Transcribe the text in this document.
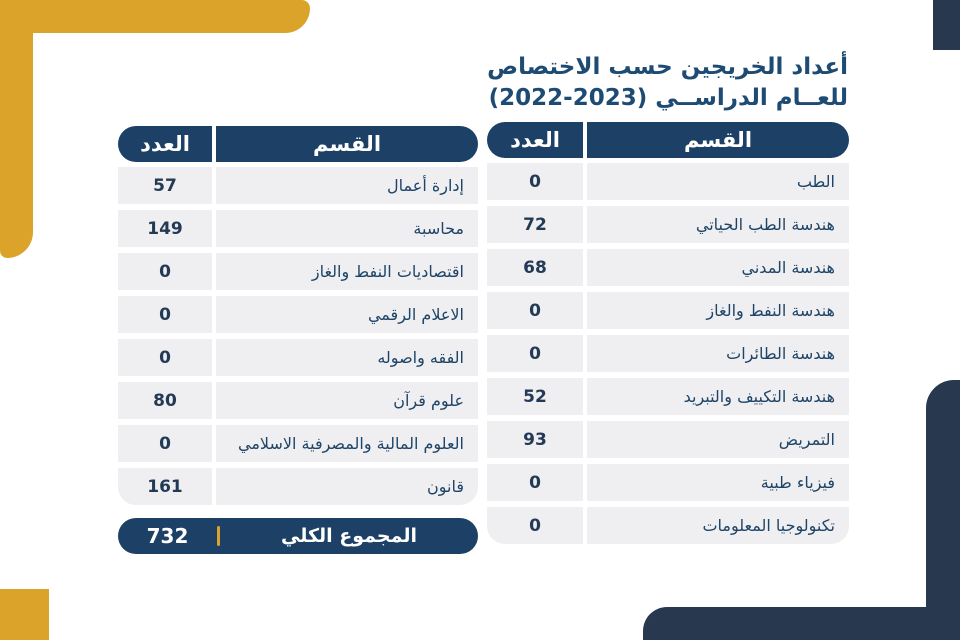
أعداد الخريجين حسب الاختصاص
للعــام الدراســي (2023-2022)
القسم
العدد
الطب
0
هندسة الطب الحياتي
72
هندسة المدني
68
هندسة النفط والغاز
0
هندسة الطائرات
0
هندسة التكييف والتبريد
52
التمريض
93
فيزياء طبية
0
تكنولوجيا المعلومات
0
القسم
العدد
إدارة أعمال
57
محاسبة
149
اقتصاديات النفط والغاز
0
الاعلام الرقمي
0
الفقه واصوله
0
علوم قرآن
80
العلوم المالية والمصرفية الاسلامي
0
قانون
161
المجموع الكلي
732
